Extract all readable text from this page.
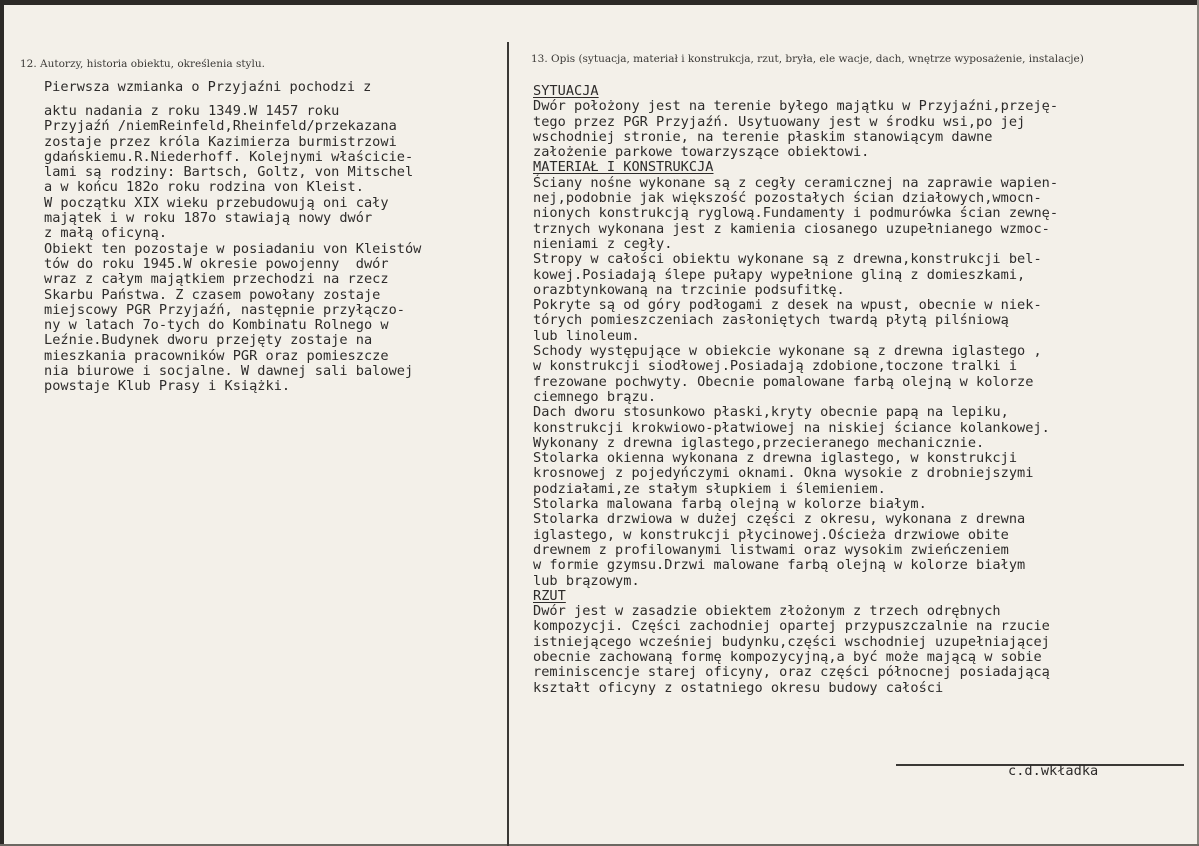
12. Autorzy, historia obiektu, określenia stylu.	13. Opis (sytuacja, materiał i konstrukcja, rzut, bryła, ele wacje, dach, wnętrze wyposażenie, instalacje)
Pierwsza wzmianka o Przyjaźni pochodzi z
aktu nadania z roku 1349.W 1457 roku
Przyjaźń /niemReinfeld,Rheinfeld/przekazana
zostaje przez króla Kazimierza burmistrzowi
gdańskiemu.R.Niederhoff. Kolejnymi właściciе-
lami są rodziny: Bartsch, Goltz, von Mitschel
a w końcu 182o roku rodzina von Kleist.
W początku XIX wieku przebudowują oni cały
majątek i w roku 187o stawiają nowy dwór
z małą oficyną.
Obiekt ten pozostaje w posiadaniu von Kleistów
tów do roku 1945.W okresie powojenny  dwór
wraz z całym majątkiem przechodzi na rzecz
Skarbu Państwa. Z czasem powołany zostaje
miejscowy PGR Przyjaźń, następnie przyłączo-
ny w latach 7o-tych do Kombinatu Rolnego w
Leźnie.Budynek dworu przejęty zostaje na
mieszkania pracowników PGR oraz pomieszcze
nia biurowe i socjalne. W dawnej sali balowej
powstaje Klub Prasy i Książki.
SYTUACJA
Dwór położony jest na terenie byłego majątku w Przyjaźni,przeję-
tego przez PGR Przyjaźń. Usytuowany jest w środku wsi,po jej
wschodniej stronie, na terenie płaskim stanowiącym dawne
założenie parkowe towarzyszące obiektowi.
MATERIAŁ I KONSTRUKCJA
Ściany nośne wykonane są z cegły ceramicznej na zaprawie wapien-
nej,podobnie jak większość pozostałych ścian działowych,wmocn-
nionych konstrukcją ryglową.Fundamenty i podmurówka ścian zewnę-
trznych wykonana jest z kamienia ciosanego uzupełnianego wzmoc-
nieniami z cegły.
Stropy w całości obiektu wykonane są z drewna,konstrukcji bel-
kowej.Posiadają ślepe pułapy wypełnione gliną z domieszkami,
orazbtynkowaną na trzcinie podsufitkę.
Pokryte są od góry podłogami z desek na wpust, obecnie w niek-
tórych pomieszczeniach zasłoniętych twardą płytą pilśniową
lub linoleum.
Schody występujące w obiekcie wykonane są z drewna iglastego ,
w konstrukcji siodłowej.Posiadają zdobione,toczone tralki i
frezowane pochwyty. Obecnie pomalowane farbą olejną w kolorze
ciemnego brązu.
Dach dworu stosunkowo płaski,kryty obecnie papą na lepiku,
konstrukcji krokwiowo-płatwiowej na niskiej ściance kolankowej.
Wykonany z drewna iglastego,przecieranego mechanicznie.
Stolarka okienna wykonana z drewna iglastego, w konstrukcji
krosnowej z pojedyńczymi oknami. Okna wysokie z drobniejszymi
podziałami,ze stałym słupkiem i ślemieniem.
Stolarka malowana farbą olejną w kolorze białym.
Stolarka drzwiowa w dużej części z okresu, wykonana z drewna
iglastego, w konstrukcji płycinowej.Ościeża drzwiowe obite
drewnem z profilowanymi listwami oraz wysokim zwieńczeniem
w formie gzymsu.Drzwi malowane farbą olejną w kolorze białym
lub brązowym.
RZUT
Dwór jest w zasadzie obiektem złożonym z trzech odrębnych
kompozycji. Części zachodniej opartej przypuszczalnie na rzucie
istniejącego wcześniej budynku,części wschodniej uzupełniającej
obecnie zachowaną formę kompozycyjną,a być może mającą w sobie
reminiscencje starej oficyny, oraz części północnej posiadającą
kształt oficyny z ostatniego okresu budowy całości
c.d.wkładka
